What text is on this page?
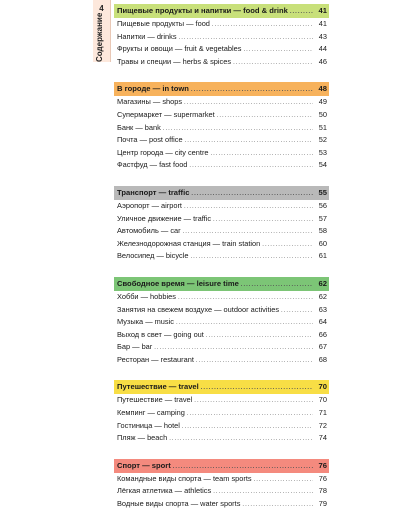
4
Содержание
Пищевые продукты и напитки — food & drink .....	41
Пищевые продукты — food .....	41
Напитки — drinks .....	43
Фрукты и овощи — fruit & vegetables .....	44
Травы и специи — herbs & spices .....	46
В городе — in town .....	48
Магазины — shops .....	49
Супермаркет — supermarket .....	50
Банк — bank .....	51
Почта — post office .....	52
Центр города — city centre .....	53
Фастфуд — fast food .....	54
Транспорт — traffic .....	55
Аэропорт — airport .....	56
Уличное движение — traffic .....	57
Автомобиль — car .....	58
Железнодорожная станция — train station .....	60
Велосипед — bicycle .....	61
Свободное время — leisure time .....	62
Хобби — hobbies .....	62
Занятия на свежем воздухе — outdoor activities .....	63
Музыка — music .....	64
Выход в свет — going out .....	66
Бар — bar .....	67
Ресторан — restaurant .....	68
Путешествие — travel .....	70
Путешествие — travel .....	70
Кемпинг — camping .....	71
Гостиница — hotel .....	72
Пляж — beach .....	74
Спорт — sport .....	76
Командные виды спорта — team sports .....	76
Лёгкая атлетика — athletics .....	78
Водные виды спорта — water sports .....	79
